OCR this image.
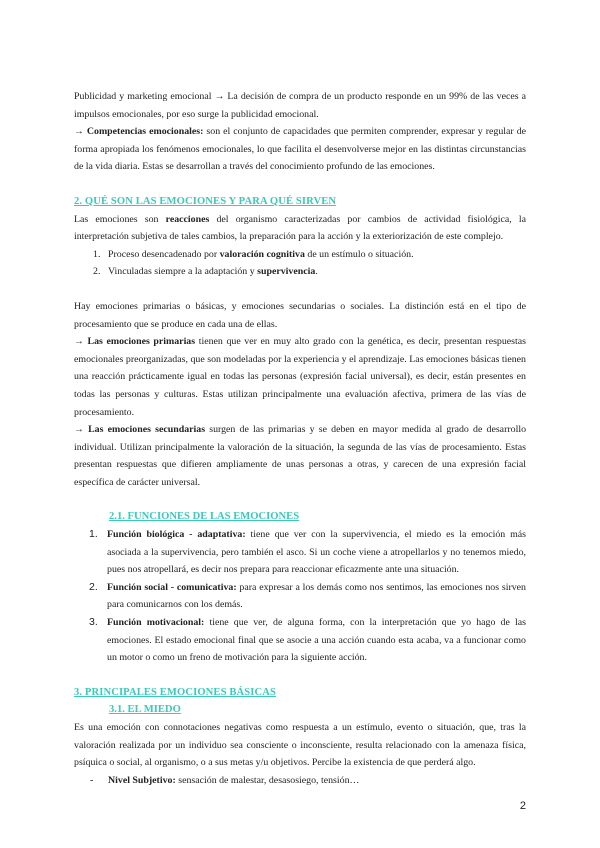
Publicidad y marketing emocional → La decisión de compra de un producto responde en un 99% de las veces a impulsos emocionales, por eso surge la publicidad emocional.

→ Competencias emocionales: son el conjunto de capacidades que permiten comprender, expresar y regular de forma apropiada los fenómenos emocionales, lo que facilita el desenvolverse mejor en las distintas circunstancias de la vida diaria. Estas se desarrollan a través del conocimiento profundo de las emociones.

2. QUÉ SON LAS EMOCIONES Y PARA QUÉ SIRVEN

Las emociones son reacciones del organismo caracterizadas por cambios de actividad fisiológica, la interpretación subjetiva de tales cambios, la preparación para la acción y la exteriorización de este complejo.

1. Proceso desencadenado por valoración cognitiva de un estímulo o situación.
2. Vinculadas siempre a la adaptación y supervivencia.

Hay emociones primarias o básicas, y emociones secundarias o sociales. La distinción está en el tipo de procesamiento que se produce en cada una de ellas.

→ Las emociones primarias tienen que ver en muy alto grado con la genética, es decir, presentan respuestas emocionales preorganizadas, que son modeladas por la experiencia y el aprendizaje. Las emociones básicas tienen una reacción prácticamente igual en todas las personas (expresión facial universal), es decir, están presentes en todas las personas y culturas. Estas utilizan principalmente una evaluación afectiva, primera de las vías de procesamiento.

→ Las emociones secundarias surgen de las primarias y se deben en mayor medida al grado de desarrollo individual. Utilizan principalmente la valoración de la situación, la segunda de las vías de procesamiento. Estas presentan respuestas que difieren ampliamente de unas personas a otras, y carecen de una expresión facial específica de carácter universal.

2.1. FUNCIONES DE LAS EMOCIONES
1. Función biológica - adaptativa: tiene que ver con la supervivencia, el miedo es la emoción más asociada a la supervivencia, pero también el asco. Si un coche viene a atropellarlos y no tenemos miedo, pues nos atropellará, es decir nos prepara para reaccionar eficazmente ante una situación.
2. Función social - comunicativa: para expresar a los demás como nos sentimos, las emociones nos sirven para comunicarnos con los demás.
3. Función motivacional: tiene que ver, de alguna forma, con la interpretación que yo hago de las emociones. El estado emocional final que se asocie a una acción cuando esta acaba, va a funcionar como un motor o como un freno de motivación para la siguiente acción.
3. PRINCIPALES EMOCIONES BÁSICAS
3.1. EL MIEDO

Es una emoción con connotaciones negativas como respuesta a un estímulo, evento o situación, que, tras la valoración realizada por un individuo sea consciente o inconsciente, resulta relacionado con la amenaza física, psíquica o social, al organismo, o a sus metas y/u objetivos. Percibe la existencia de que perderá algo.

- Nivel Subjetivo: sensación de malestar, desasosiego, tensión…
2
